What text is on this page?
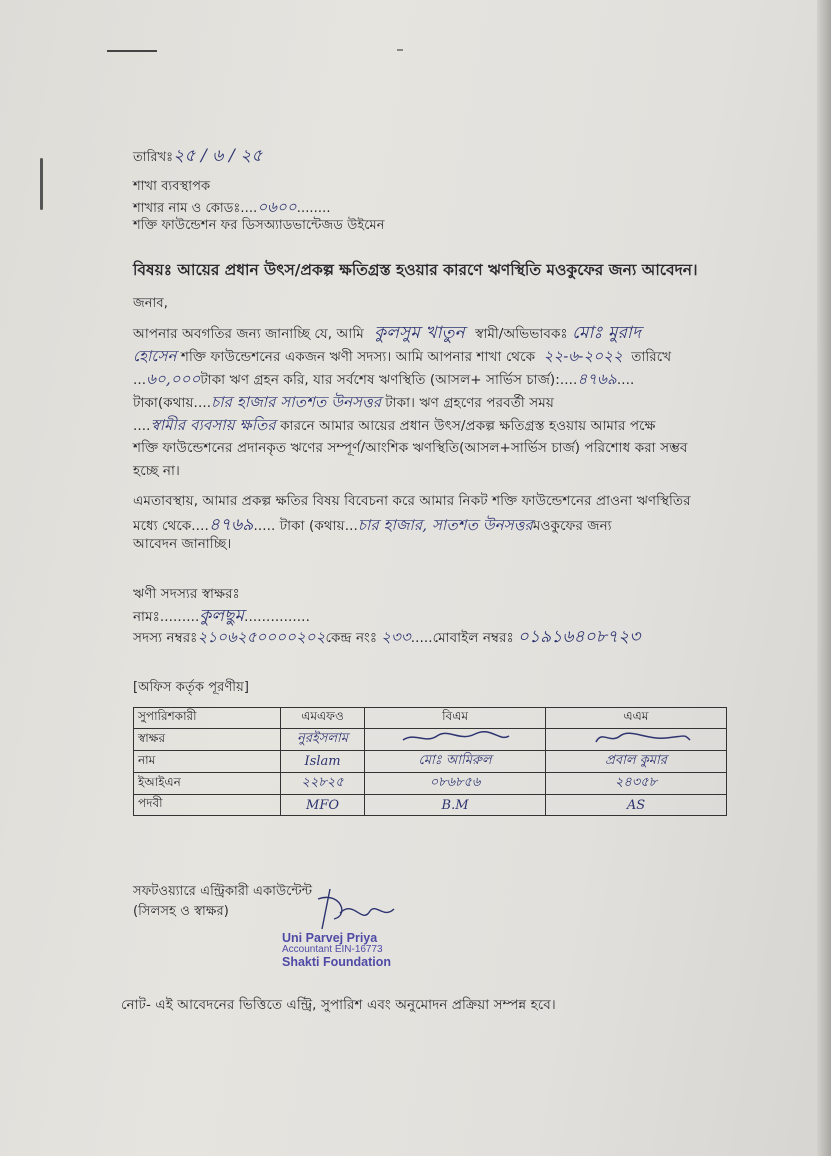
তারিখঃ২৫ / ৬ / ২৫
শাখা ব্যবস্থাপক
শাখার নাম ও কোডঃ....০৬০০........
শক্তি ফাউন্ডেশন ফর ডিসঅ্যাডভান্টেজড উইমেন
বিষয়ঃ আয়ের প্রধান উৎস/প্রকল্প ক্ষতিগ্রস্ত হওয়ার কারণে ঋণস্থিতি মওকুফের জন্য আবেদন।
জনাব,
আপনার অবগতির জন্য জানাচ্ছি যে, আমি কুলসুম খাতুন স্বামী/অভিভাবকঃ মোঃ মুরাদ
হোসেন শক্তি ফাউন্ডেশনের একজন ঋণী সদস্য। আমি আপনার শাখা থেকে ২২-৬-২০২২ তারিখে
...৬০,০০০টাকা ঋণ গ্রহন করি, যার সর্বশেষ ঋণস্থিতি (আসল+ সার্ভিস চার্জ):....৪৭৬৯....
টাকা(কথায়....চার হাজার সাতশত উনসত্তর টাকা। ঋণ গ্রহণের পরবর্তী সময়
....স্বামীর ব্যবসায় ক্ষতির কারনে আমার আয়ের প্রধান উৎস/প্রকল্প ক্ষতিগ্রস্ত হওয়ায় আমার পক্ষে
শক্তি ফাউন্ডেশনের প্রদানকৃত ঋণের সম্পূর্ণ/আংশিক ঋণস্থিতি(আসল+সার্ভিস চার্জ) পরিশোধ করা সম্ভব
হচ্ছে না।
এমতাবস্থায়, আমার প্রকল্প ক্ষতির বিষয় বিবেচনা করে আমার নিকট শক্তি ফাউন্ডেশনের প্রাওনা ঋণস্থিতির
মধ্যে থেকে....৪৭৬৯..... টাকা (কথায়...চার হাজার, সাতশত উনসত্তরমওকুফের জন্য
আবেদন জানাচ্ছি।
ঋণী সদস্যর স্বাক্ষরঃ
নামঃ.........কুলছুম...............
সদস্য নম্বরঃ২১০৬২৫০০০০২০২কেন্দ্র নংঃ ২৩৩.....মোবাইল নম্বরঃ ০১৯১৬৪০৮৭২৩
[অফিস কর্তৃক পূরণীয়]
সুপারিশকারী	এমএফও	বিএম	এএম
স্বাক্ষর	নুরইসলাম		
নাম	Islam	মোঃ আমিরুল	প্রবাল কুমার
ইআইএন	২২৮২৫	০৮৬৮৫৬	২৪৩৫৮
পদবী	MFO	B.M	AS
সফটওয়্যারে এন্ট্রিকারী একাউন্টেন্ট
(সিলসহ ও স্বাক্ষর)
Uni Parvej Priya
Accountant EIN-16773
Shakti Foundation
নোট- এই আবেদনের ভিত্তিতে এন্ট্রি, সুপারিশ এবং অনুমোদন প্রক্রিয়া সম্পন্ন হবে।
